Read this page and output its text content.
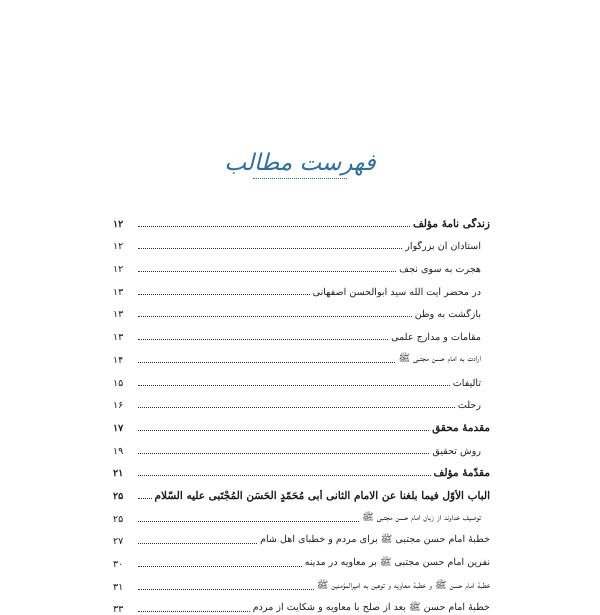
فهرست مطالب
زندگی نامهٔ مؤلف
۱۲
استادان آن بزرگوار
۱۲
هجرت به سوی نجف
۱۲
در محضر آیت الله سید ابوالحسن اصفهانی
۱۳
بازگشت به وطن
۱۳
مقامات و مدارج علمی
۱۳
ارادت به امام حسن مجتبی ﷺ
۱۴
تألیفات
۱۵
رحلت
۱۶
مقدمهٔ محقق
۱۷
روش تحقیق
۱۹
مقدّمهٔ مؤلف
۲۱
الباب الأوّل فیما بلغنا عن الامام الثانی أبی مُحَمّدٍ الْحَسَن الْمُجْتَبی علیه السّلام
۲۵
توصیف خداوند از زبان امام حسن مجتبی ﷺ
۲۵
خطبهٔ امام حسن مجتبی ﷺ برای مردم و خطبای اهل شام
۲۷
نفرین امام حسن مجتبی ﷺ بر معاویه در مدینه
۳۰
خطبهٔ امام حسن ﷺ و خطبهٔ معاویه و توهین به امیرالمؤمنین ﷺ
۳۱
خطبهٔ امام حسن ﷺ بعد از صلح با معاویه و شکایت از مردم
۳۳
